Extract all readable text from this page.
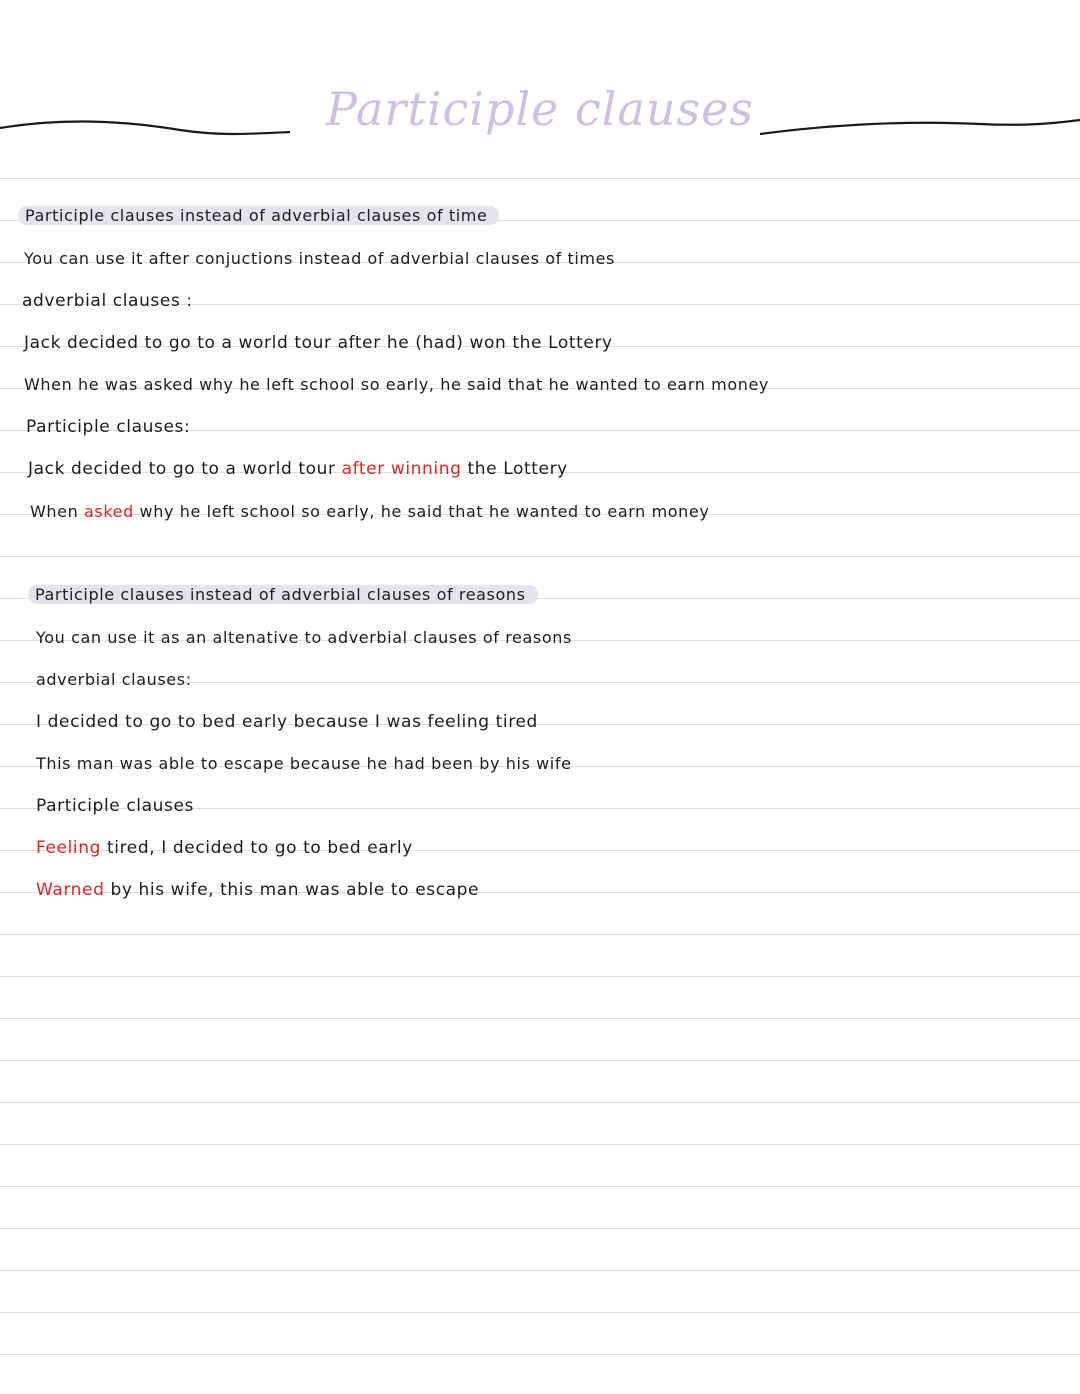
Participle clauses
Participle clauses instead of adverbial clauses of time
You can use it after conjuctions instead of adverbial clauses of times
adverbial clauses :
Jack decided to go to a world tour after he (had) won the Lottery
When he was asked why he left school so early, he said that he wanted to earn money
Participle clauses:
Jack decided to go to a world tour after winning the Lottery
When asked why he left school so early, he said that he wanted to earn money
Participle clauses instead of adverbial clauses of reasons
You can use it as an altenative to adverbial clauses of reasons
adverbial clauses:
I decided to go to bed early because I was feeling tired
This man was able to escape because he had been by his wife
Participle clauses
Feeling tired, I decided to go to bed early
Warned by his wife, this man was able to escape
